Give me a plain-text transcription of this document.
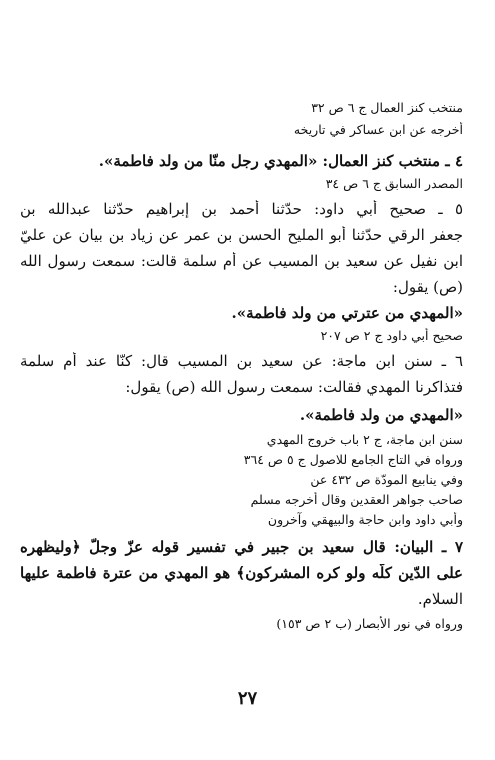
منتخب كنز العمال ج ٦ ص ٣٢
أخرجه عن ابن عساكر في تاريخه
٤ ـ منتخب كنز العمال: «المهدي رجل منّا من ولد فاطمة».
المصدر السابق ج ٦ ص ٣٤
٥ ـ صحيح أبي داود: حدّثنا أحمد بن إبراهيم حدّثنا عبدالله بن
جعفر الرقي حدّثنا أبو المليح الحسن بن عمر عن زياد بن بيان عن عليّ
ابن نفيل عن سعيد بن المسيب عن أم سلمة قالت: سمعت رسول الله
(ص) يقول:
«المهدي من عترتي من ولد فاطمة».
صحيح أبي داود ج ٢ ص ٢٠٧
٦ ـ سنن ابن ماجة: عن سعيد بن المسيب قال: كنّا عند أم سلمة
فتذاكرنا المهدي فقالت: سمعت رسول الله (ص) يقول:
«المهدي من ولد فاطمة».
سنن ابن ماجة، ج ٢ باب خروج المهدي
ورواه في التاج الجامع للاصول ج ٥ ص ٣٦٤
وفي ينابيع المودّة ص ٤٣٢ عن
صاحب جواهر العقدين وقال أخرجه مسلم
وأبي داود وابن حاجة والبيهقي وآخرون
٧ ـ البيان: قال سعيد بن جبير في تفسير قوله عزّ وجلّ ﴿وليظهره
على الدّين كلّه ولو كره المشركون﴾ هو المهدي من عترة فاطمة عليها
السلام.
ورواه في نور الأبصار (ب ٢ ص ١٥٣)
٢٧
